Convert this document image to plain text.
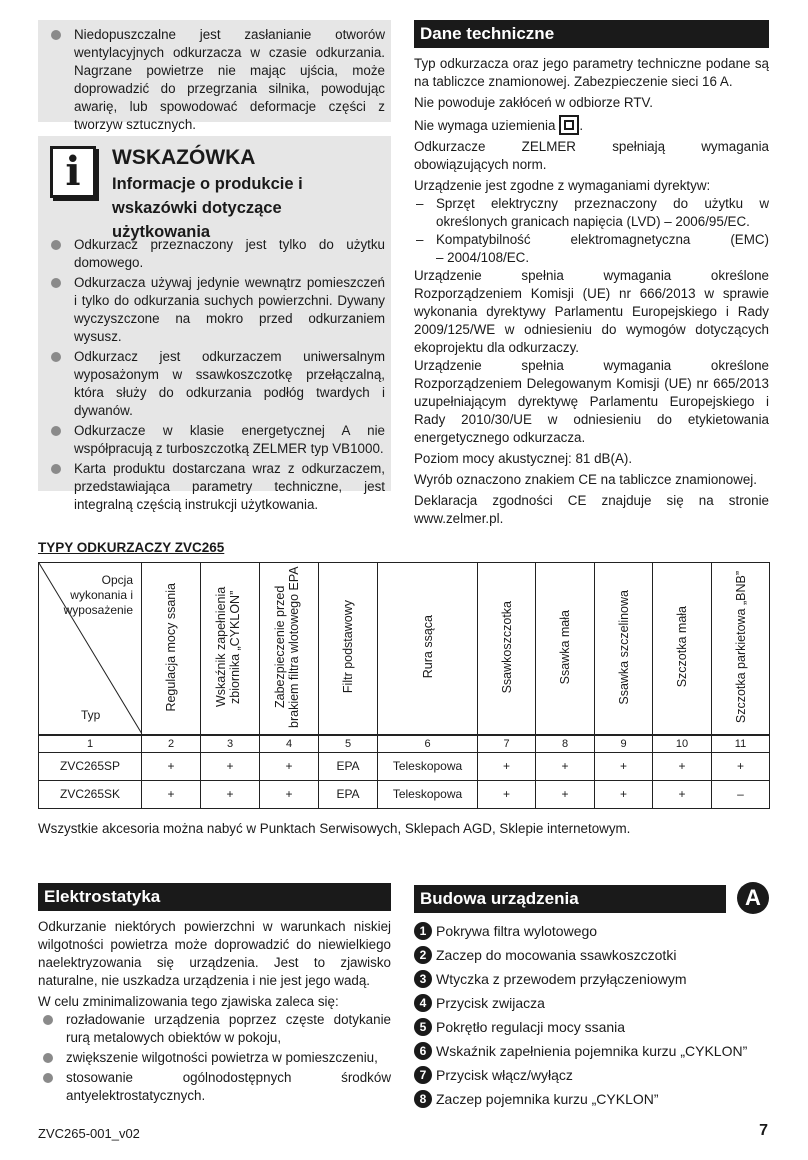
Niedopuszczalne jest zasłanianie otworów wentylacyjnych odkurzacza w czasie odkurzania. Nagrzane powietrze nie mając ujścia, może doprowadzić do przegrzania silnika, powodując awarię, lub spowodować deformacje części z tworzyw sztucznych.
i	WSKAZÓWKA
Informacje o produkcie i wskazówki dotyczące użytkowania
Odkurzacz przeznaczony jest tylko do użytku domowego.
Odkurzacza używaj jedynie wewnątrz pomieszczeń i tylko do odkurzania suchych powierzchni. Dywany wyczyszczone na mokro przed odkurzaniem wysusz.
Odkurzacz jest odkurzaczem uniwersalnym wyposażonym w ssawkoszczotkę przełączalną, która służy do odkurzania podłóg twardych i dywanów.
Odkurzacze w klasie energetycznej A nie współpracują z turboszczotką ZELMER typ VB1000.
Karta produktu dostarczana wraz z odkurzaczem, przedstawiająca parametry techniczne, jest integralną częścią instrukcji użytkowania.
Dane techniczne
Typ odkurzacza oraz jego parametry techniczne podane są na tabliczce znamionowej. Zabezpieczenie sieci 16 A.
Nie powoduje zakłóceń w odbiorze RTV.
Nie wymaga uziemienia .
Odkurzacze ZELMER spełniają wymagania obowiązujących norm.
Urządzenie jest zgodne z wymaganiami dyrektyw:
– Sprzęt elektryczny przeznaczony do użytku w określonych granicach napięcia (LVD) – 2006/95/EC.
– Kompatybilność elektromagnetyczna (EMC)
– 2004/108/EC.
Urządzenie spełnia wymagania określone Rozporządzeniem Komisji (UE) nr 666/2013 w sprawie wykonania dyrektywy Parlamentu Europejskiego i Rady 2009/125/WE w odniesieniu do wymogów dotyczących ekoprojektu dla odkurzaczy.
Urządzenie spełnia wymagania określone Rozporządzeniem Delegowanym Komisji (UE) nr 665/2013 uzupełniającym dyrektywę Parlamentu Europejskiego i Rady 2010/30/UE w odniesieniu do etykietowania energetycznego odkurzacza.
Poziom mocy akustycznej: 81 dB(A).
Wyrób oznaczono znakiem CE na tabliczce znamionowej.
Deklaracja zgodności CE znajduje się na stronie www.zelmer.pl.
TYPY ODKURZACZY ZVC265
Opcja wykonania i wyposażenie
Typ	Regulacja mocy ssania	Wskaźnik zapełnienia zbiornika „CYKLON”	Zabezpieczenie przed brakiem filtra wlotowego EPA	Filtr podstawowy	Rura ssąca	Ssawkoszczotka	Ssawka mała	Ssawka szczelinowa	Szczotka mała	Szczotka parkietowa „BNB”
1	2	3	4	5	6	7	8	9	10	11
ZVC265SP	+	+	+	EPA	Teleskopowa	+	+	+	+	+
ZVC265SK	+	+	+	EPA	Teleskopowa	+	+	+	+	–
Wszystkie akcesoria można nabyć w Punktach Serwisowych, Sklepach AGD, Sklepie internetowym.
Elektrostatyka
Odkurzanie niektórych powierzchni w warunkach niskiej wilgotności powietrza może doprowadzić do niewielkiego naelektryzowania się urządzenia. Jest to zjawisko naturalne, nie uszkadza urządzenia i nie jest jego wadą.
W celu zminimalizowania tego zjawiska zaleca się:
rozładowanie urządzenia poprzez częste dotykanie rurą metalowych obiektów w pokoju,
zwiększenie wilgotności powietrza w pomieszczeniu,
stosowanie ogólnodostępnych środków antyelektrostatycznych.
Budowa urządzenia	A
1 Pokrywa filtra wylotowego
2 Zaczep do mocowania ssawkoszczotki
3 Wtyczka z przewodem przyłączeniowym
4 Przycisk zwijacza
5 Pokrętło regulacji mocy ssania
6 Wskaźnik zapełnienia pojemnika kurzu „CYKLON”
7 Przycisk włącz/wyłącz
8 Zaczep pojemnika kurzu „CYKLON”
ZVC265-001_v02	7
